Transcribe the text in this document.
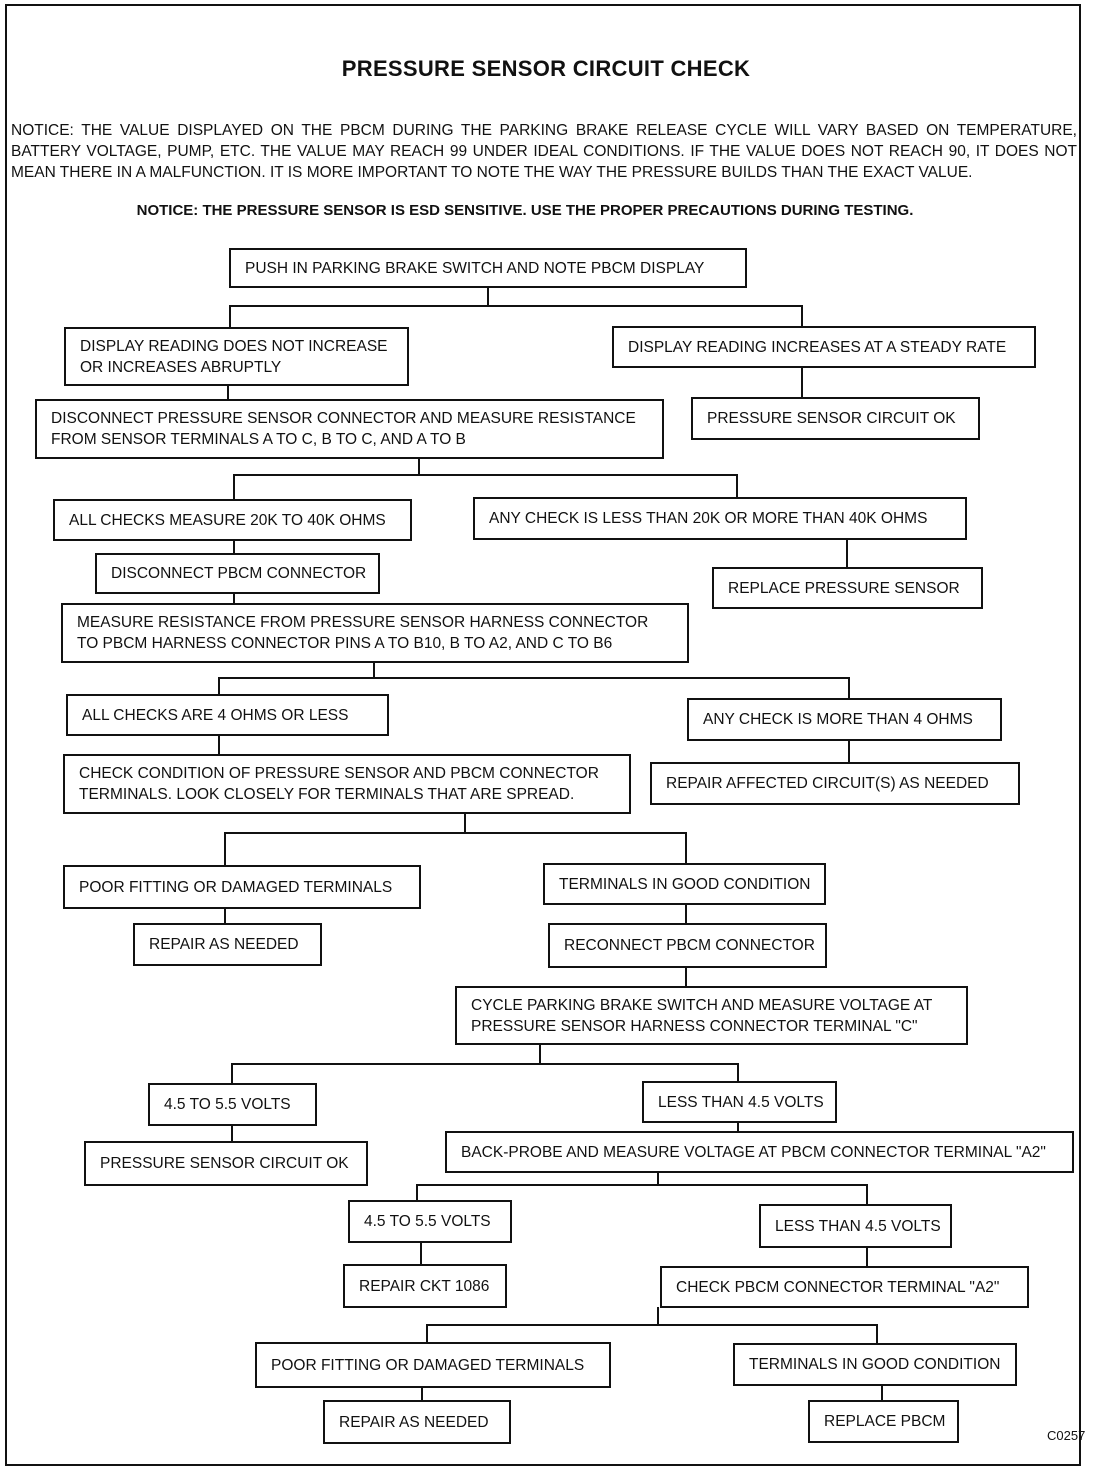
PRESSURE SENSOR CIRCUIT CHECK

NOTICE: THE VALUE DISPLAYED ON THE PBCM DURING THE PARKING BRAKE RELEASE CYCLE WILL VARY BASED ON TEMPERATURE, BATTERY VOLTAGE, PUMP, ETC. THE VALUE MAY REACH 99 UNDER IDEAL CONDITIONS. IF THE VALUE DOES NOT REACH 90, IT DOES NOT MEAN THERE IN A MALFUNCTION. IT IS MORE IMPORTANT TO NOTE THE WAY THE PRESSURE BUILDS THAN THE EXACT VALUE.

NOTICE: THE PRESSURE SENSOR IS ESD SENSITIVE. USE THE PROPER PRECAUTIONS DURING TESTING.
PUSH IN PARKING BRAKE SWITCH AND NOTE PBCM DISPLAY
DISPLAY READING DOES NOT INCREASE
OR INCREASES ABRUPTLY
DISPLAY READING INCREASES AT A STEADY RATE
DISCONNECT PRESSURE SENSOR CONNECTOR AND MEASURE RESISTANCE
FROM SENSOR TERMINALS A TO C, B TO C, AND A TO B
PRESSURE SENSOR CIRCUIT OK
ALL CHECKS MEASURE 20K TO 40K OHMS	ANY CHECK IS LESS THAN 20K OR MORE THAN 40K OHMS
DISCONNECT PBCM CONNECTOR
REPLACE PRESSURE SENSOR
MEASURE RESISTANCE FROM PRESSURE SENSOR HARNESS CONNECTOR
TO PBCM HARNESS CONNECTOR PINS A TO B10, B TO A2, AND C TO B6
ALL CHECKS ARE 4 OHMS OR LESS	ANY CHECK IS MORE THAN 4 OHMS
CHECK CONDITION OF PRESSURE SENSOR AND PBCM CONNECTOR
TERMINALS. LOOK CLOSELY FOR TERMINALS THAT ARE SPREAD.
REPAIR AFFECTED CIRCUIT(S) AS NEEDED
POOR FITTING OR DAMAGED TERMINALS	TERMINALS IN GOOD CONDITION
REPAIR AS NEEDED	RECONNECT PBCM CONNECTOR
CYCLE PARKING BRAKE SWITCH AND MEASURE VOLTAGE AT
PRESSURE SENSOR HARNESS CONNECTOR TERMINAL "C"
4.5 TO 5.5 VOLTS	LESS THAN 4.5 VOLTS
PRESSURE SENSOR CIRCUIT OK
BACK-PROBE AND MEASURE VOLTAGE AT PBCM CONNECTOR TERMINAL "A2"
4.5 TO 5.5 VOLTS	LESS THAN 4.5 VOLTS
REPAIR CKT 1086	CHECK PBCM CONNECTOR TERMINAL "A2"
POOR FITTING OR DAMAGED TERMINALS	TERMINALS IN GOOD CONDITION
REPAIR AS NEEDED	REPLACE PBCM
C0257
